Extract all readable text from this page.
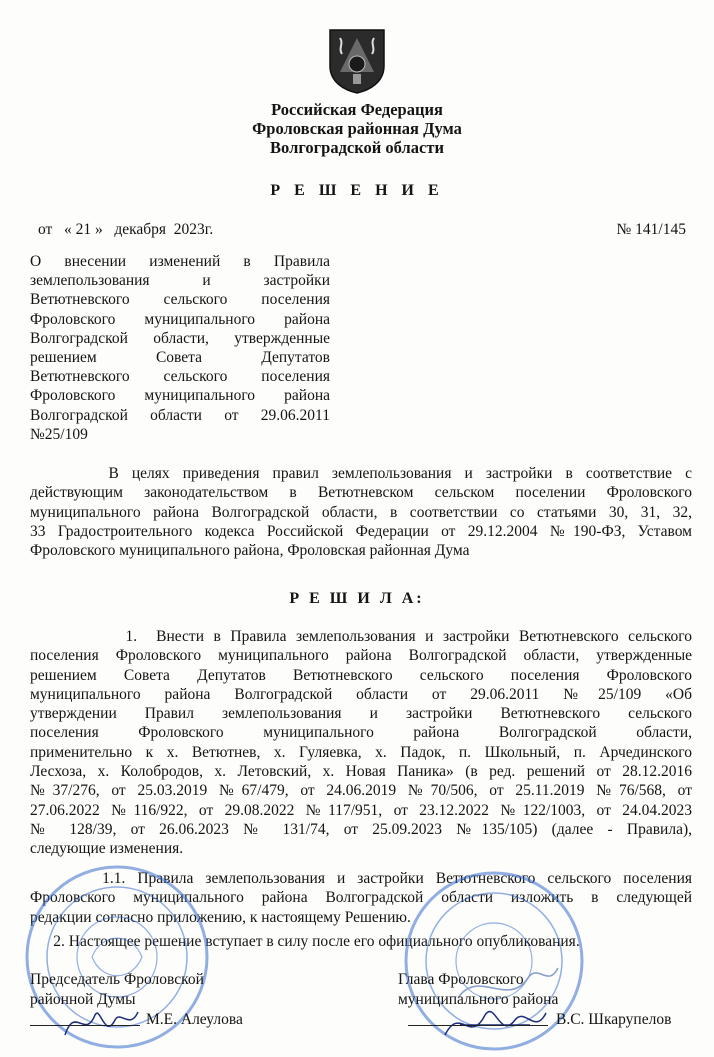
Российская Федерация
Фроловская районная Дума
Волгоградской области
Р Е Ш Е Н И Е
от   « 21 »   декабря  2023г.	№ 141/145
О внесении изменений в Правила
землепользования и застройки
Ветютневского сельского поселения
Фроловского муниципального района
Волгоградской области, утвержденные
решением Совета Депутатов
Ветютневского сельского поселения
Фроловского муниципального района
Волгоградской области от 29.06.2011
№25/109
В целях приведения правил землепользования и застройки в соответствие с
действующим законодательством в Ветютневском сельском поселении Фроловского
муниципального района Волгоградской области, в соответствии со статьями 30, 31, 32,
33 Градостроительного кодекса Российской Федерации от 29.12.2004 №190-ФЗ, Уставом
Фроловского муниципального района, Фроловская районная Дума
Р Е Ш И Л А:
1.  Внести в Правила землепользования и застройки Ветютневского сельского
поселения Фроловского муниципального района Волгоградской области, утвержденные
решением Совета Депутатов Ветютневского сельского поселения Фроловского
муниципального района Волгоградской области от 29.06.2011 №25/109 «Об
утверждении Правил землепользования и застройки Ветютневского сельского
поселения Фроловского муниципального района Волгоградской области,
применительно к х. Ветютнев, х. Гуляевка, х. Падок, п. Школьный, п. Арчединского
Лесхоза, х. Колобродов, х. Летовский, х. Новая Паника» (в ред. решений от 28.12.2016
№37/276, от 25.03.2019 №67/479, от 24.06.2019 №70/506, от 25.11.2019 №76/568, от
27.06.2022 №116/922, от 29.08.2022 №117/951, от 23.12.2022 №122/1003, от 24.04.2023
№ 128/39, от 26.06.2023 № 131/74, от 25.09.2023 №135/105) (далее - Правила),
следующие изменения.
1.1. Правила землепользования и застройки Ветютневского сельского поселения
Фроловского муниципального района Волгоградской области изложить в следующей
редакции согласно приложению, к настоящему Решению.
2. Настоящее решение вступает в силу после его официального опубликования.
Председатель Фроловской
районной Думы
М.Е. Алеулова
Глава Фроловского
муниципального района
В.С. Шкарупелов
